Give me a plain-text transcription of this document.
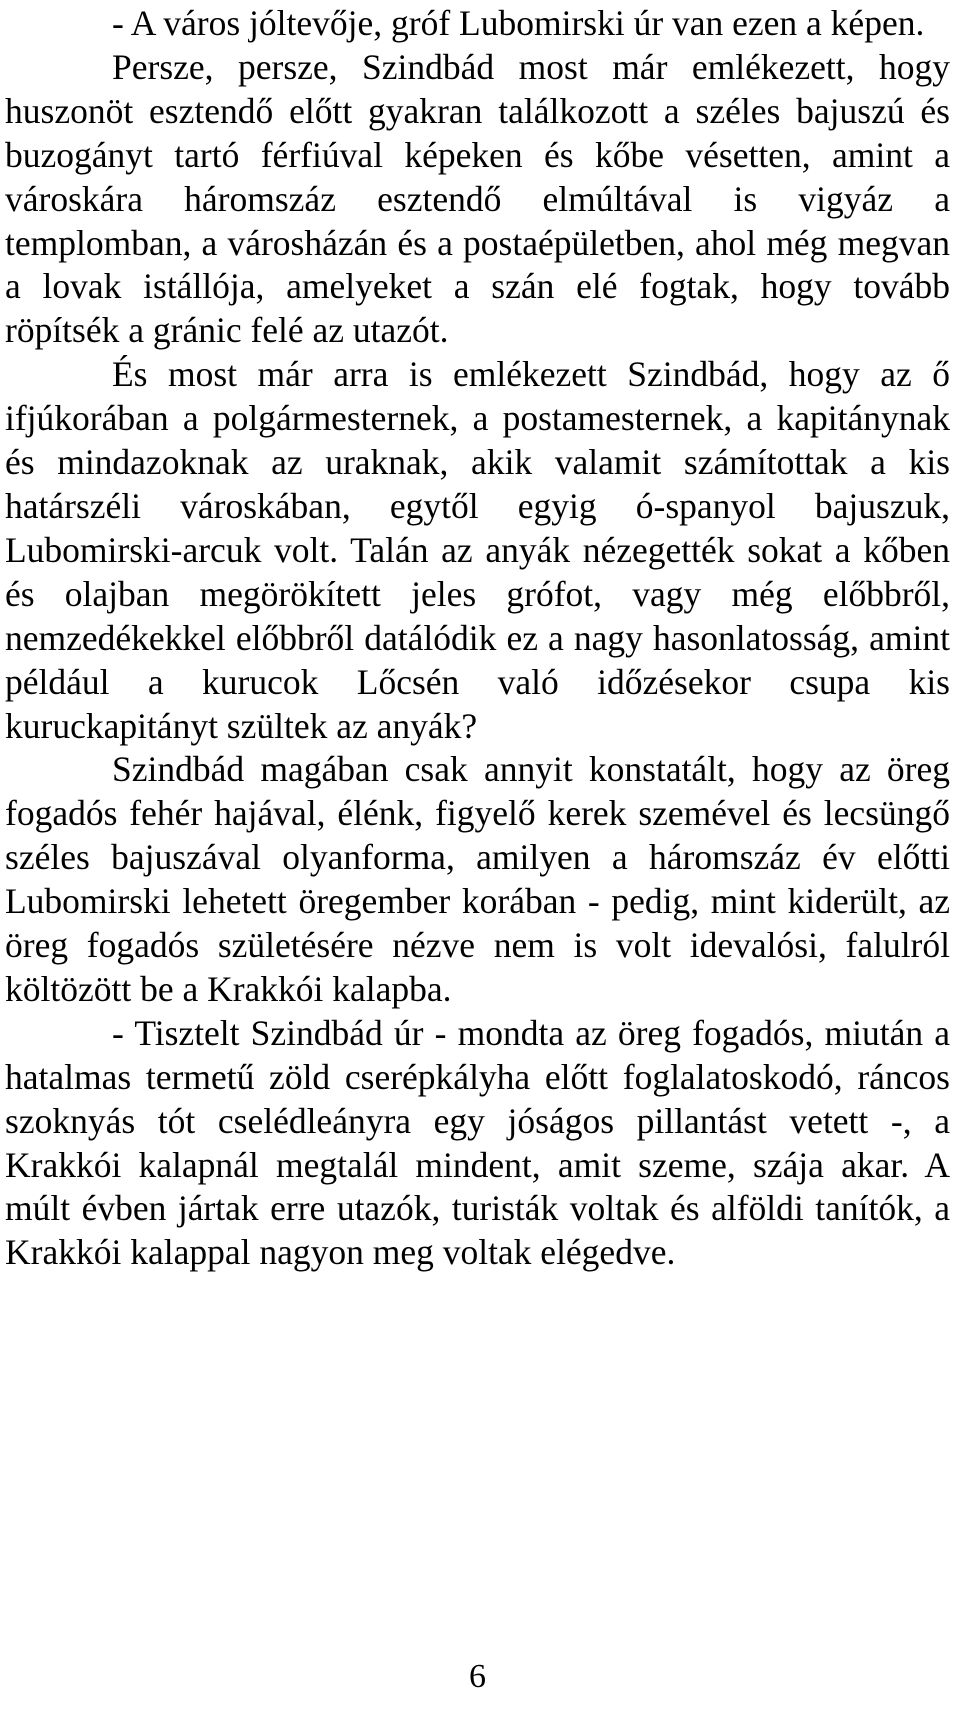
- A város jóltevője, gróf Lubomirski úr van ezen a képen.

Persze, persze, Szindbád most már emlékezett, hogy huszonöt esztendő előtt gyakran találkozott a széles bajuszú és buzogányt tartó férfiúval képeken és kőbe vésetten, amint a városkára háromszáz esztendő elmúltával is vigyáz a templomban, a városházán és a postaépületben, ahol még megvan a lovak istállója, amelyeket a szán elé fogtak, hogy tovább röpítsék a gránic felé az utazót.

És most már arra is emlékezett Szindbád, hogy az ő ifjúkorában a polgármesternek, a postamesternek, a kapitánynak és mindazoknak az uraknak, akik valamit számítottak a kis határszéli városkában, egytől egyig ó-spanyol bajuszuk, Lubomirski-arcuk volt. Talán az anyák nézegették sokat a kőben és olajban megörökített jeles grófot, vagy még előbbről, nemzedékekkel előbbről datálódik ez a nagy hasonlatosság, amint például a kurucok Lőcsén való időzésekor csupa kis kuruckapitányt szültek az anyák?

Szindbád magában csak annyit konstatált, hogy az öreg fogadós fehér hajával, élénk, figyelő kerek szemével és lecsüngő széles bajuszával olyanforma, amilyen a háromszáz év előtti Lubomirski lehetett öregember korában - pedig, mint kiderült, az öreg fogadós születésére nézve nem is volt idevalósi, falulról költözött be a Krakkói kalapba.

- Tisztelt Szindbád úr - mondta az öreg fogadós, miután a hatalmas termetű zöld cserépkályha előtt foglalatoskodó, ráncos szoknyás tót cselédleányra egy jóságos pillantást vetett -, a Krakkói kalapnál megtalál mindent, amit szeme, szája akar. A múlt évben jártak erre utazók, turisták voltak és alföldi tanítók, a Krakkói kalappal nagyon meg voltak elégedve.

6
